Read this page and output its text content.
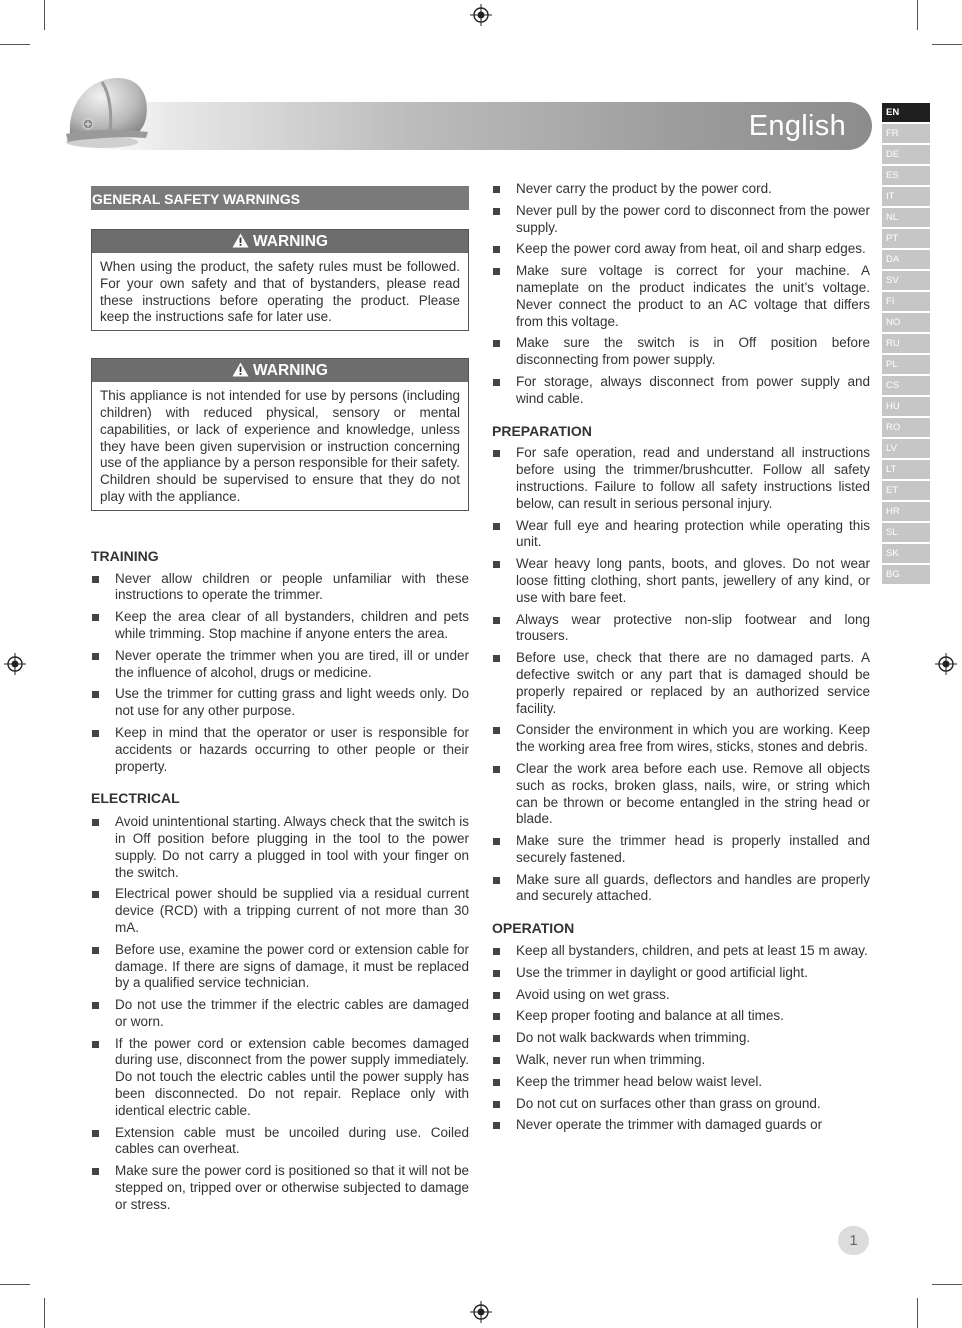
English	EN
FR
DE
ES
IT
NL
PT
DA
SV
FI
NO
RU
PL
CS
HU
RO
LV
LT
ET
HR
SL
SK
BG
GENERAL SAFETY WARNINGS
WARNING
When using the product, the safety rules must be followed. For your own safety and that of bystanders, please read these instructions before operating the product. Please keep the instructions safe for later use.
WARNING
This appliance is not intended for use by persons (including children) with reduced physical, sensory or mental capabilities, or lack of experience and knowledge, unless they have been given supervision or instruction concerning use of the appliance by a person responsible for their safety. Children should be supervised to ensure that they do not play with the appliance.
TRAINING
Never allow children or people unfamiliar with these instructions to operate the trimmer.
Keep the area clear of all bystanders, children and pets while trimming. Stop machine if anyone enters the area.
Never operate the trimmer when you are tired, ill or under the influence of alcohol, drugs or medicine.
Use the trimmer for cutting grass and light weeds only. Do not use for any other purpose.
Keep in mind that the operator or user is responsible for accidents or hazards occurring to other people or their property.
ELECTRICAL
Avoid unintentional starting. Always check that the switch is in Off position before plugging in the tool to the power supply. Do not carry a plugged in tool with your finger on the switch.
Electrical power should be supplied via a residual current device (RCD) with a tripping current of not more than 30 mA.
Before use, examine the power cord or extension cable for damage. If there are signs of damage, it must be replaced by a qualified service technician.
Do not use the trimmer if the electric cables are damaged or worn.
If the power cord or extension cable becomes damaged during use, disconnect from the power supply immediately. Do not touch the electric cables until the power supply has been disconnected. Do not repair. Replace only with identical electric cable.
Extension cable must be uncoiled during use. Coiled cables can overheat.
Make sure the power cord is positioned so that it will not be stepped on, tripped over or otherwise subjected to damage or stress.
Never carry the product by the power cord.
Never pull by the power cord to disconnect from the power supply.
Keep the power cord away from heat, oil and sharp edges.
Make sure voltage is correct for your machine. A nameplate on the product indicates the unit’s voltage. Never connect the product to an AC voltage that differs from this voltage.
Make sure the switch is in Off position before disconnecting from power supply.
For storage, always disconnect from power supply and wind cable.
PREPARATION
For safe operation, read and understand all instructions before using the trimmer/brushcutter. Follow all safety instructions. Failure to follow all safety instructions listed below, can result in serious personal injury.
Wear full eye and hearing protection while operating this unit.
Wear heavy long pants, boots, and gloves. Do not wear loose fitting clothing, short pants, jewellery of any kind, or use with bare feet.
Always wear protective non-slip footwear and long trousers.
Before use, check that there are no damaged parts. A defective switch or any part that is damaged should be properly repaired or replaced by an authorized service facility.
Consider the environment in which you are working. Keep the working area free from wires, sticks, stones and debris.
Clear the work area before each use. Remove all objects such as rocks, broken glass, nails, wire, or string which can be thrown or become entangled in the string head or blade.
Make sure the trimmer head is properly installed and securely fastened.
Make sure all guards, deflectors and handles are properly and securely attached.
OPERATION
Keep all bystanders, children, and pets at least 15 m away.
Use the trimmer in daylight or good artificial light.
Avoid using on wet grass.
Keep proper footing and balance at all times.
Do not walk backwards when trimming.
Walk, never run when trimming.
Keep the trimmer head below waist level.
Do not cut on surfaces other than grass on ground.
Never operate the trimmer with damaged guards or
1
